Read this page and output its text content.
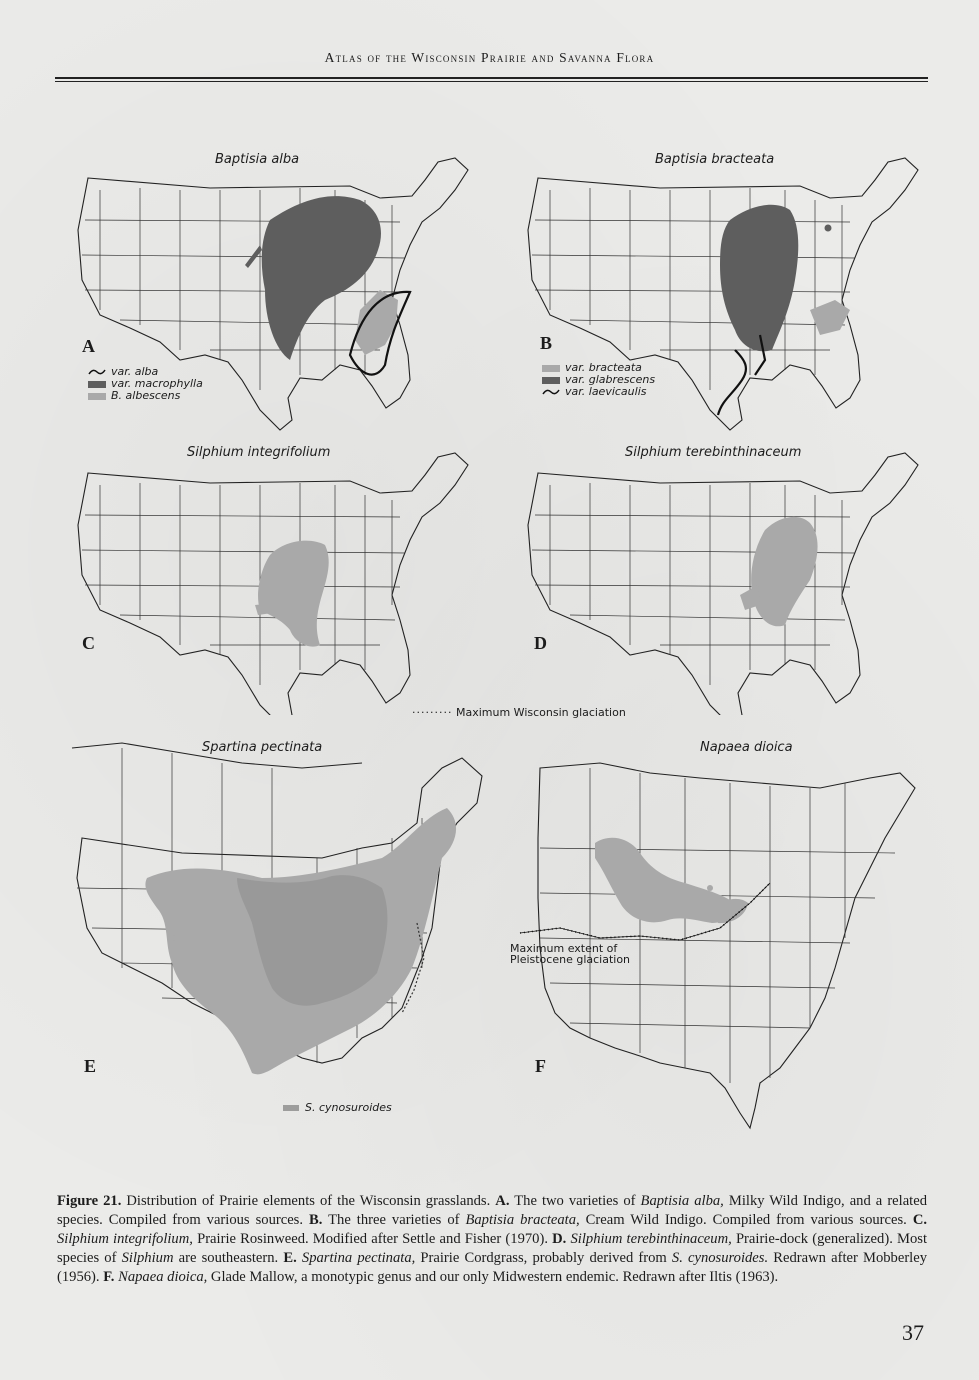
Atlas of the Wisconsin Prairie and Savanna Flora
Baptisia alba
A
var. alba
var. macrophylla
B. albescens
Baptisia bracteata
B
var. bracteata
var. glabrescens
var. laevicaulis
Silphium integrifolium
C
Silphium terebinthinaceum
D
········· Maximum Wisconsin glaciation
Spartina pectinata
E
S. cynosuroides
Napaea dioica
F
Maximum extent of
Pleistocene glaciation
Figure 21. Distribution of Prairie elements of the Wisconsin grasslands. A. The two varieties of Baptisia alba, Milky Wild Indigo, and a related species. Compiled from various sources. B. The three varieties of Baptisia bracteata, Cream Wild Indigo. Compiled from various sources. C. Silphium integrifolium, Prairie Rosinweed. Modified after Settle and Fisher (1970). D. Silphium terebinthinaceum, Prairie-dock (generalized). Most species of Silphium are southeastern. E. Spartina pectinata, Prairie Cordgrass, probably derived from S. cynosuroides. Redrawn after Mobberley (1956). F. Napaea dioica, Glade Mallow, a monotypic genus and our only Midwestern endemic. Redrawn after Iltis (1963).
37
